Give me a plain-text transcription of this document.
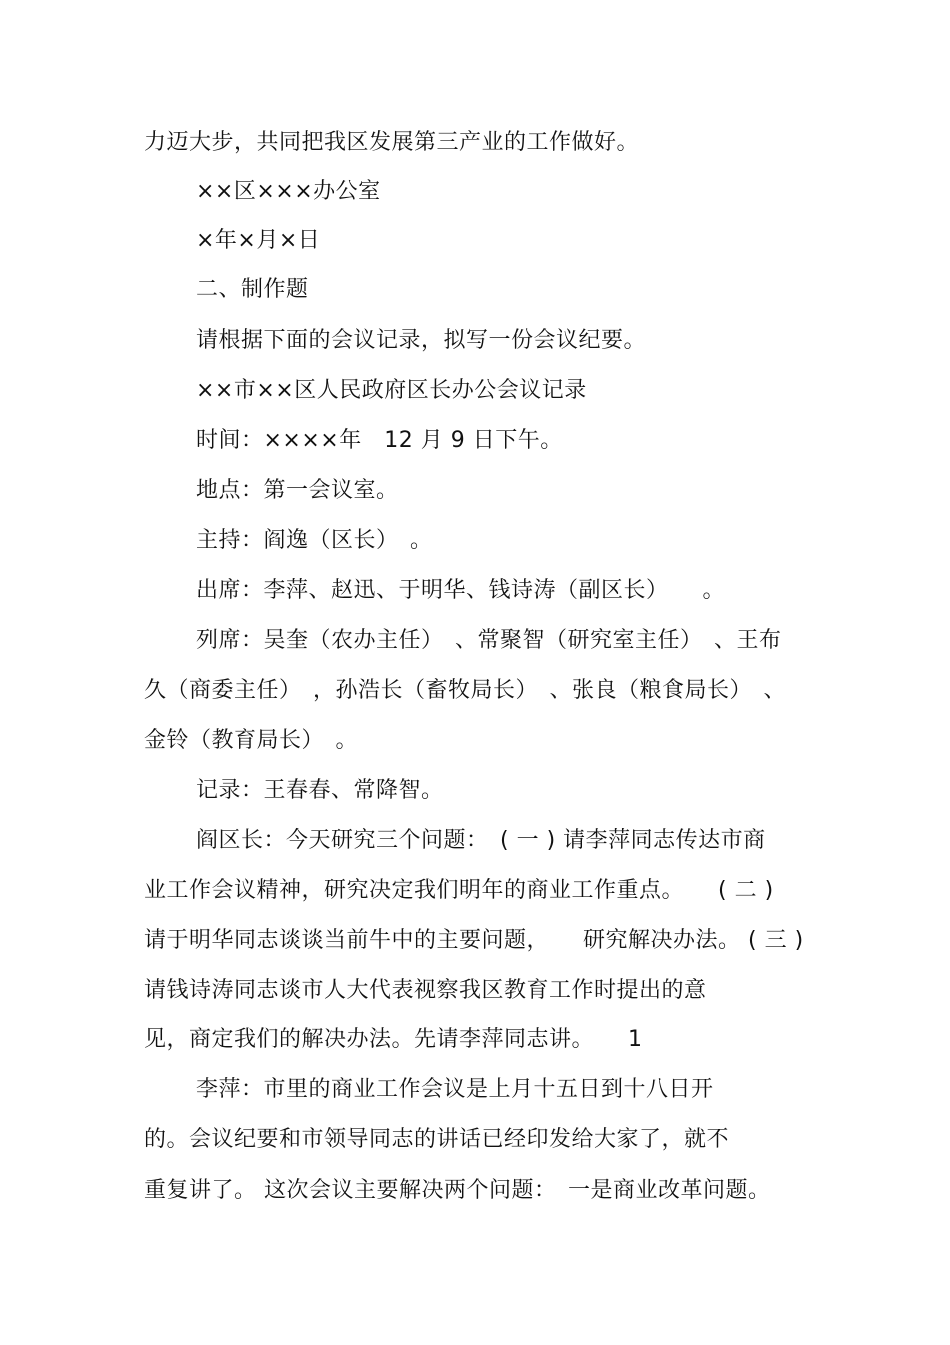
力迈大步，共同把我区发展第三产业的工作做好。
××区×××办公室
×年×月×日
二、制作题
请根据下面的会议记录，拟写一份会议纪要。
××市××区人民政府区长办公会议记录
时间：××××年　12 月 9 日下午。
地点：第一会议室。
主持：阎逸（区长）　。
出席：李萍、赵迅、于明华、钱诗涛（副区长）　　。
列席：吴奎（农办主任）　、常聚智（研究室主任）　、王布
久（商委主任）　，孙浩长（畜牧局长）　、张良（粮食局长）　、
金铃（教育局长）　。
记录：王春春、常降智。
阎区长：今天研究三个问题：　( 一 ) 请李萍同志传达市商
业工作会议精神，研究决定我们明年的商业工作重点。　　( 二 )
请于明华同志谈谈当前牛中的主要问题，　　研究解决办法。 ( 三 )
请钱诗涛同志谈市人大代表视察我区教育工作时提出的意
见，商定我们的解决办法。先请李萍同志讲。　　1
李萍：市里的商业工作会议是上月十五日到十八日开
的。会议纪要和市领导同志的讲话已经印发给大家了，就不
重复讲了。 这次会议主要解决两个问题：　一是商业改革问题。
